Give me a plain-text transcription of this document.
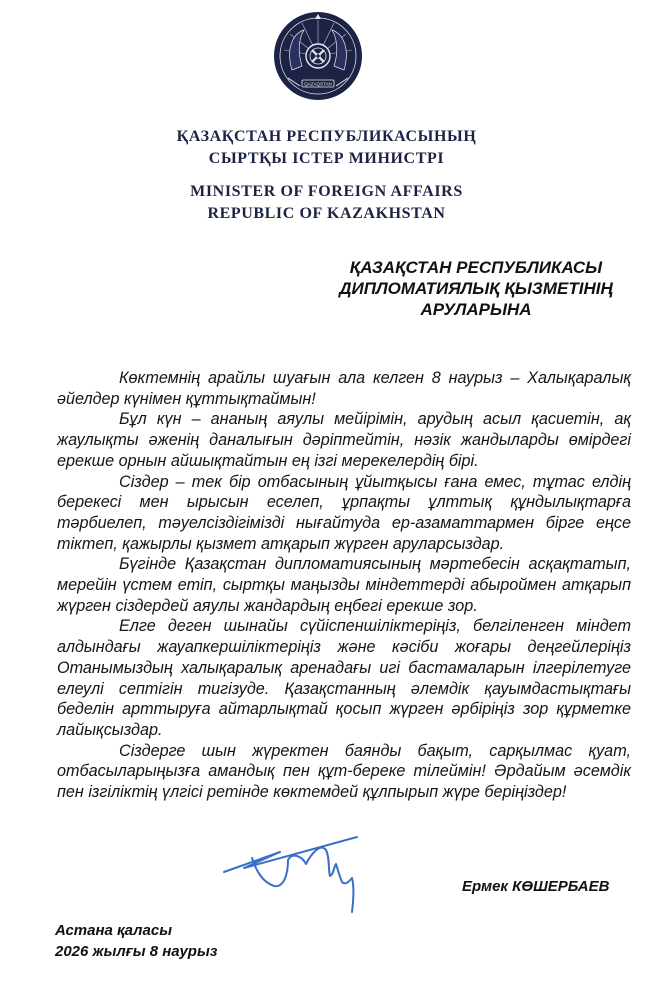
QAZAQSTAN
ҚАЗАҚСТАН РЕСПУБЛИКАСЫНЫҢ
СЫРТҚЫ ІСТЕР МИНИСТРІ
MINISTER OF FOREIGN AFFAIRS
REPUBLIC OF KAZAKHSTAN
ҚАЗАҚСТАН РЕСПУБЛИКАСЫ
ДИПЛОМАТИЯЛЫҚ ҚЫЗМЕТІНІҢ
АРУЛАРЫНА

Көктемнің арайлы шуағын ала келген 8 наурыз – Халықаралық әйелдер күнімен құттықтаймын!

Бұл күн – ананың аяулы мейірімін, арудың асыл қасиетін, ақ жаулықты әженің даналығын дәріптейтін, нәзік жандыларды өмірдегі ерекше орнын айшықтайтын ең ізгі мерекелердің бірі.

Сіздер – тек бір отбасының ұйытқысы ғана емес, тұтас елдің берекесі мен ырысын еселеп, ұрпақты ұлттық құндылықтарға тәрбиелеп, тәуелсіздігімізді нығайтуда ер-азаматтармен бірге еңсе тіктеп, қажырлы қызмет атқарып жүрген аруларсыздар.

Бүгінде Қазақстан дипломатиясының мәртебесін асқақтатып, мерейін үстем етіп, сыртқы маңызды міндеттерді абыроймен атқарып жүрген сіздердей аяулы жандардың еңбегі ерекше зор.

Елге деген шынайы сүйіспеншіліктеріңіз, белгіленген міндет алдындағы жауапкершіліктеріңіз және кәсіби жоғары деңгейлеріңіз Отанымыздың халықаралық аренадағы игі бастамаларын ілгерілетуге елеулі септігін тигізуде. Қазақстанның әлемдік қауымдастықтағы беделін арттыруға айтарлықтай қосып жүрген әрбіріңіз зор құрметке лайықсыздар.

Сіздерге шын жүректен баянды бақыт, сарқылмас қуат, отбасыларыңызға амандық пен құт-береке тілеймін! Әрдайым әсемдік пен ізгіліктің үлгісі ретінде көктемдей құлпырып жүре беріңіздер!

Ермек КӨШЕРБАЕВ
Астана қаласы
2026 жылғы 8 наурыз
